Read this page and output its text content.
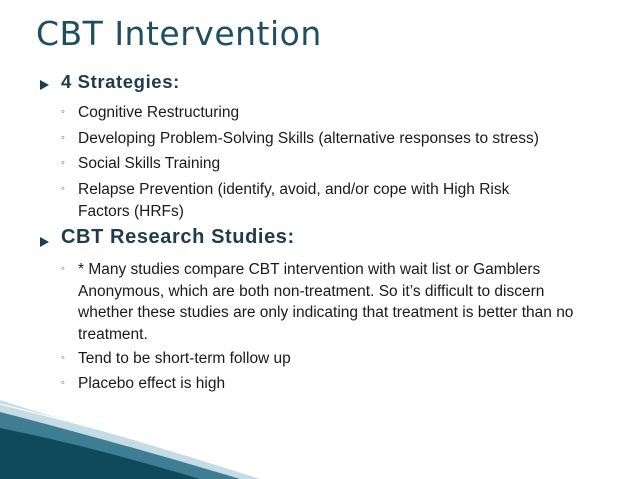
CBT Intervention
4 Strategies:
◦ Cognitive Restructuring
◦ Developing Problem-Solving Skills (alternative responses to stress)
◦ Social Skills Training
◦ Relapse Prevention (identify, avoid, and/or cope with High Risk Factors (HRFs)
CBT Research Studies:
◦ * Many studies compare CBT intervention with wait list or Gamblers Anonymous, which are both non-treatment. So it’s difficult to discern whether these studies are only indicating that treatment is better than no treatment.
◦ Tend to be short-term follow up
◦ Placebo effect is high
